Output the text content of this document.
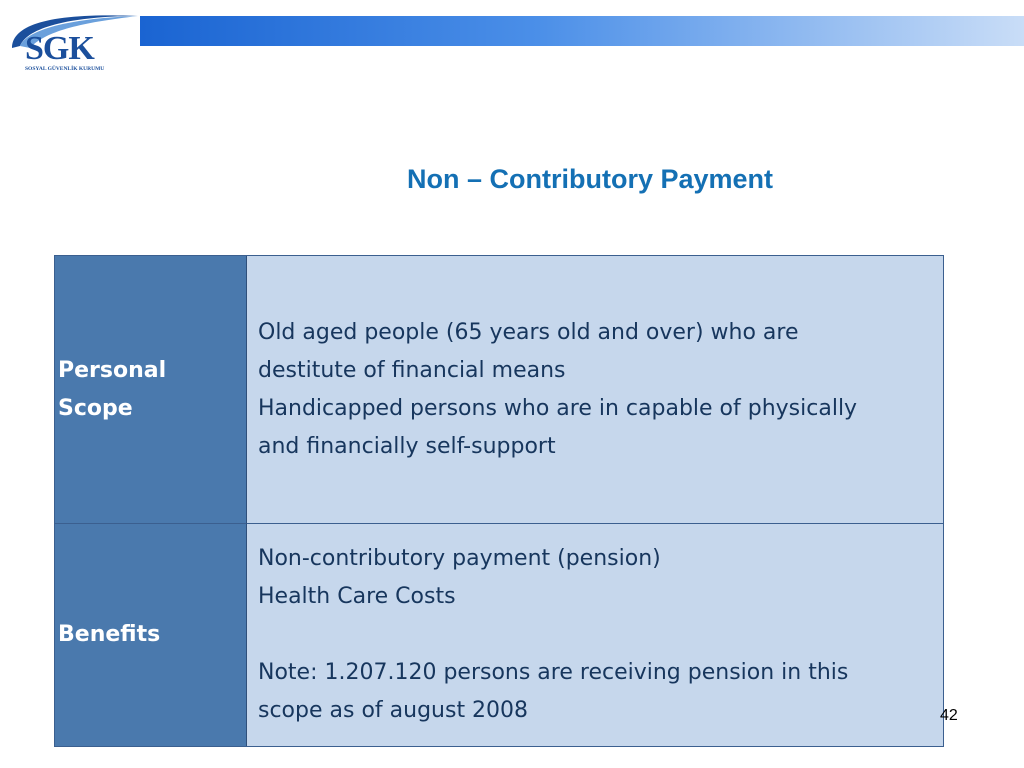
SGK
SOSYAL GÜVENLİK KURUMU
Non – Contributory Payment
Personal Scope
Old aged people (65 years old and over) who are
destitute of financial means
Handicapped persons who are in capable of physically
and financially self-support
Benefits
Non-contributory payment (pension)
Health Care Costs
Note: 1.207.120 persons are receiving pension in this
scope as of august 2008	42
